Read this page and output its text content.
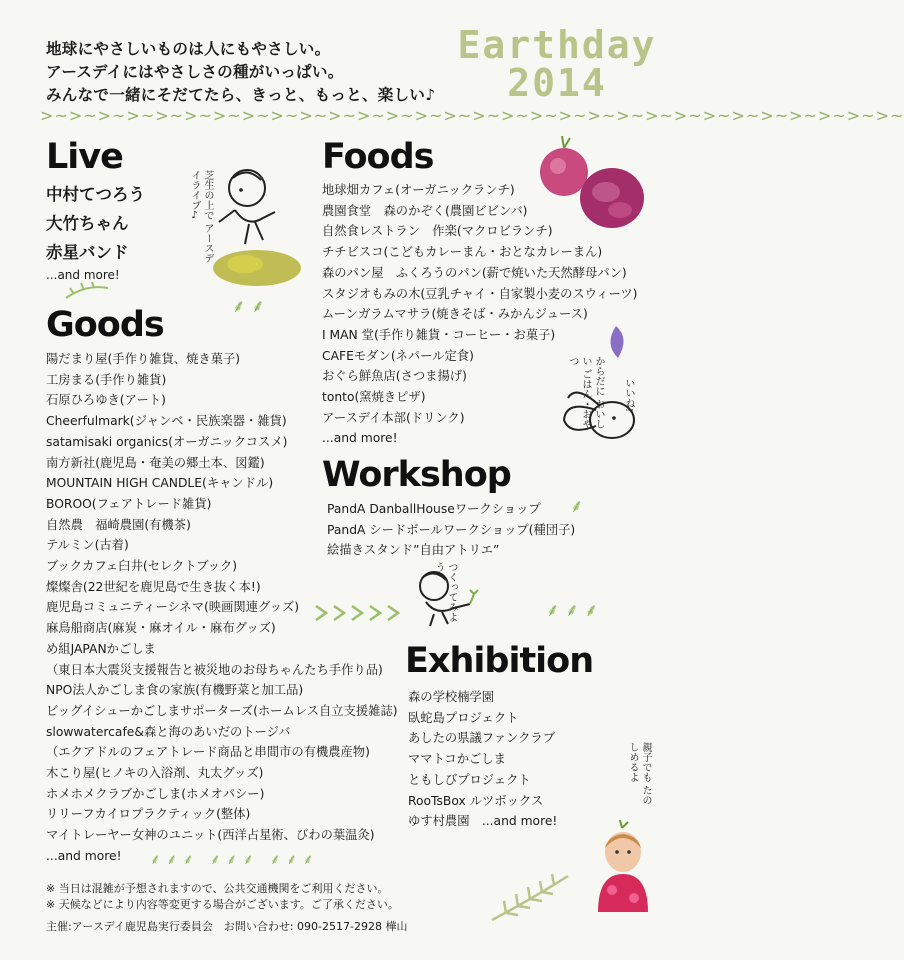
地球にやさしいものは人にもやさしい。
アースデイにはやさしさの種がいっぱい。
みんなで一緒にそだてたら、きっと、もっと、楽しい♪
Earthday
2014
>~>~>~>~>~>~>~>~>~>~>~>~>~>~>~>~>~>~>~>~>~>~>~>~>~>~>~>~>~>~
Live
中村てつろう
大竹ちゃん
赤星バンド
...and more!
芝生の上で アースデイライブ♪
⸙ ⸙
Goods
陽だまり屋(手作り雑貨、焼き菓子)
工房まる(手作り雑貨)
石原ひろゆき(アート)
Cheerfulmark(ジャンベ・民族楽器・雑貨)
satamisaki organics(オーガニックコスメ)
南方新社(鹿児島・奄美の郷土本、図鑑)
MOUNTAIN HIGH CANDLE(キャンドル)
BOROO(フェアトレード雑貨)
自然農　福崎農園(有機茶)
テルミン(古着)
ブックカフェ臼井(セレクトブック)
燦燦舎(22世紀を鹿児島で生き抜く本!)
鹿児島コミュニティーシネマ(映画関連グッズ)
麻鳥船商店(麻炭・麻オイル・麻布グッズ)
め組JAPANかごしま
（東日本大震災支援報告と被災地のお母ちゃんたち手作り品)
NPO法人かごしま食の家族(有機野菜と加工品)
ビッグイシューかごしまサポーターズ(ホームレス自立支援雑誌)
slowwatercafe&森と海のあいだのトージバ
（エクアドルのフェアトレード商品と串間市の有機農産物)
木こり屋(ヒノキの入浴剤、丸太グッズ)
ホメホメクラブかごしま(ホメオパシー)
リリーフカイロプラクティック(整体)
マイトレーヤー女神のユニット(西洋占星術、びわの葉温灸)
...and more!
Foods
地球畑カフェ(オーガニックランチ)
農園食堂　森のかぞく(農園ビビンバ)
自然食レストラン　作楽(マクロビランチ)
チチビスコ(こどもカレーまん・おとなカレーまん)
森のパン屋　ふくろうのパン(薪で焼いた天然酵母パン)
スタジオもみの木(豆乳チャイ・自家製小麦のスウィーツ)
ムーンガラムマサラ(焼きそば・みかんジュース)
I MAN 堂(手作り雑貨・コーヒー・お菓子)
CAFEモダン(ネパール定食)
おぐら鮮魚店(さつま揚げ)
tonto(窯焼きピザ)
アースデイ本部(ドリンク)
...and more!
からだに おいしい ごはん・おやつ
いいね!
Workshop
PandA DanballHouseワークショップ
PandA シードボールワークショップ(種団子)
絵描きスタンド”自由アトリエ”
⸙
つくってみよう!
⸙ ⸙ ⸙
Exhibition
森の学校楠学園
臥蛇島プロジェクト
あしたの県議ファンクラブ
ママトコかごしま
ともしびプロジェクト
RooTsBox ルツボックス
ゆす村農園　 ...and more!
親子でも たのしめるよ
⸙⸙⸙ ⸙⸙⸙ ⸙⸙⸙
※ 当日は混雑が予想されますので、公共交通機関をご利用ください。
※ 天候などにより内容等変更する場合がございます。ご了承ください。
主催:アースデイ鹿児島実行委員会　お問い合わせ: 090-2517-2928 樺山
